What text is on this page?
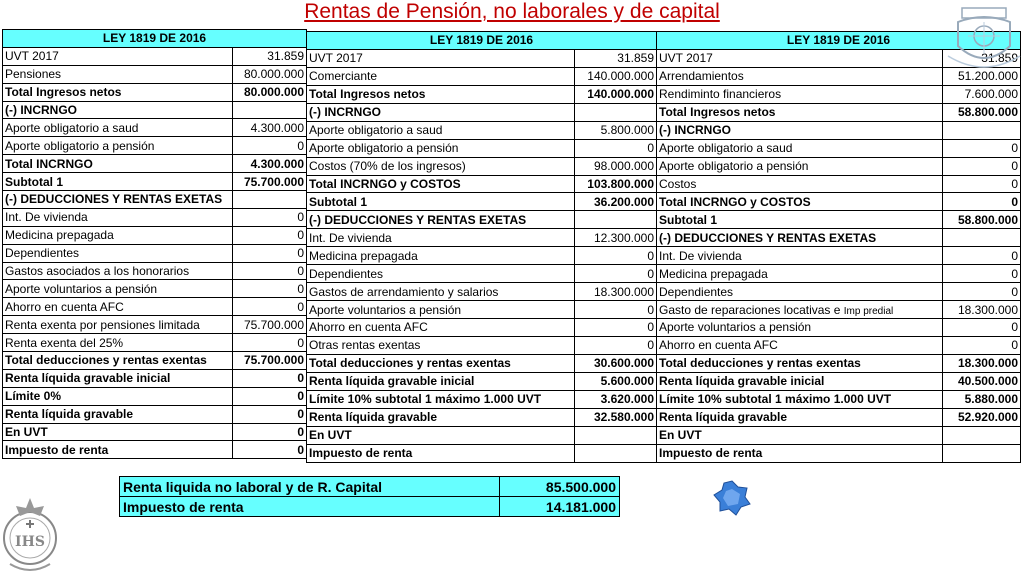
Rentas de Pensión, no laborales y de capital
LEY 1819 DE 2016	
UVT 2017	31.859
Pensiones	80.000.000
Total Ingresos netos	80.000.000
(-) INCRNGO	
Aporte obligatorio a saud	4.300.000
Aporte obligatorio a pensión	0
Total INCRNGO	4.300.000
Subtotal 1	75.700.000
(-) DEDUCCIONES Y RENTAS EXETAS	
Int. De vivienda	0
Medicina prepagada	0
Dependientes	0
Gastos asociados a los honorarios	0
Aporte voluntarios a pensión	0
Ahorro en cuenta AFC	0
Renta exenta por pensiones limitada	75.700.000
Renta exenta del 25%	0
Total deducciones y rentas exentas	75.700.000
Renta líquida gravable inicial	0
Límite 0%	0
Renta líquida gravable	0
En UVT	0
Impuesto de renta	0
LEY 1819 DE 2016	
UVT 2017	31.859
Comerciante	140.000.000
Total Ingresos netos	140.000.000
(-) INCRNGO	
Aporte obligatorio a saud	5.800.000
Aporte obligatorio a pensión	0
Costos (70% de los ingresos)	98.000.000
Total INCRNGO y COSTOS	103.800.000
Subtotal 1	36.200.000
(-) DEDUCCIONES Y RENTAS EXETAS	
Int. De vivienda	12.300.000
Medicina prepagada	0
Dependientes	0
Gastos de arrendamiento y salarios	18.300.000
Aporte voluntarios a pensión	0
Ahorro en cuenta AFC	0
Otras rentas exentas	0
Total deducciones y rentas exentas	30.600.000
Renta líquida gravable inicial	5.600.000
Límite 10% subtotal 1 máximo 1.000 UVT	3.620.000
Renta líquida gravable	32.580.000
En UVT	
Impuesto de renta	
LEY 1819 DE 2016	
UVT 2017	31.859
Arrendamientos	51.200.000
Rendiminto financieros	7.600.000
Total Ingresos netos	58.800.000
(-) INCRNGO	
Aporte obligatorio a saud	0
Aporte obligatorio a pensión	0
Costos	0
Total INCRNGO y COSTOS	0
Subtotal 1	58.800.000
(-) DEDUCCIONES Y RENTAS EXETAS	
Int. De vivienda	0
Medicina prepagada	0
Dependientes	0
Gasto de reparaciones locativas e Imp predial	18.300.000
Aporte voluntarios a pensión	0
Ahorro en cuenta AFC	0
Total deducciones y rentas exentas	18.300.000
Renta líquida gravable inicial	40.500.000
Límite 10% subtotal 1 máximo 1.000 UVT	5.880.000
Renta líquida gravable	52.920.000
En UVT	
Impuesto de renta	
Renta liquida no laboral y de R. Capital	85.500.000
Impuesto de renta	14.181.000
IHS
